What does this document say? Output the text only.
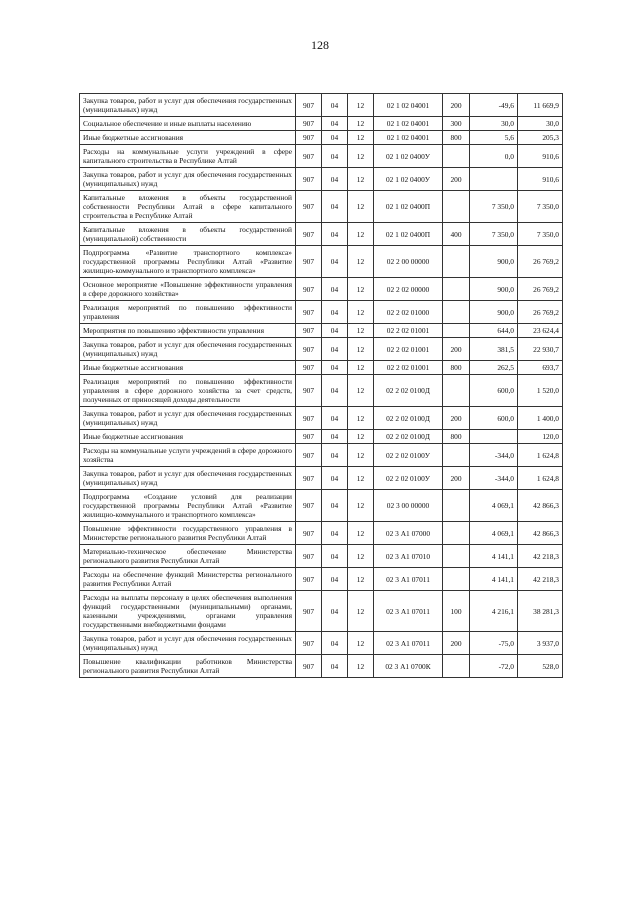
128
Закупка товаров, работ и услуг для обеспечения государственных (муниципальных) нужд	907	04	12	02 1 02 04001	200	-49,6	11 669,9
Социальное обеспечение и иные выплаты населению	907	04	12	02 1 02 04001	300	30,0	30,0
Иные бюджетные ассигнования	907	04	12	02 1 02 04001	800	5,6	205,3
Расходы на коммунальные услуги учреждений в сфере капитального строительства в Республике Алтай	907	04	12	02 1 02 0400У		0,0	910,6
Закупка товаров, работ и услуг для обеспечения государственных (муниципальных) нужд	907	04	12	02 1 02 0400У	200		910,6
Капитальные вложения в объекты государственной собственности Республики Алтай в сфере капитального строительства в Республике Алтай	907	04	12	02 1 02 0400П		7 350,0	7 350,0
Капитальные вложения в объекты государственной (муниципальной) собственности	907	04	12	02 1 02 0400П	400	7 350,0	7 350,0
Подпрограмма «Развитие транспортного комплекса» государственной программы Республики Алтай «Развитие жилищно-коммунального и транспортного комплекса»	907	04	12	02 2 00 00000		900,0	26 769,2
Основное мероприятие «Повышение эффективности управления в сфере дорожного хозяйства»	907	04	12	02 2 02 00000		900,0	26 769,2
Реализация мероприятий по повышению эффективности управления	907	04	12	02 2 02 01000		900,0	26 769,2
Мероприятия по повышению эффективности управления	907	04	12	02 2 02 01001		644,0	23 624,4
Закупка товаров, работ и услуг для обеспечения государственных (муниципальных) нужд	907	04	12	02 2 02 01001	200	381,5	22 930,7
Иные бюджетные ассигнования	907	04	12	02 2 02 01001	800	262,5	693,7
Реализация мероприятий по повышению эффективности управления в сфере дорожного хозяйства за счет средств, полученных от приносящей доходы деятельности	907	04	12	02 2 02 0100Д		600,0	1 520,0
Закупка товаров, работ и услуг для обеспечения государственных (муниципальных) нужд	907	04	12	02 2 02 0100Д	200	600,0	1 400,0
Иные бюджетные ассигнования	907	04	12	02 2 02 0100Д	800		120,0
Расходы на коммунальные услуги учреждений в сфере дорожного хозяйства	907	04	12	02 2 02 0100У		-344,0	1 624,8
Закупка товаров, работ и услуг для обеспечения государственных (муниципальных) нужд	907	04	12	02 2 02 0100У	200	-344,0	1 624,8
Подпрограмма «Создание условий для реализации государственной программы Республики Алтай «Развитие жилищно-коммунального и транспортного комплекса»	907	04	12	02 3 00 00000		4 069,1	42 866,3
Повышение эффективности государственного управления в Министерстве регионального развития Республики Алтай	907	04	12	02 3 А1 07000		4 069,1	42 866,3
Материально-техническое обеспечение Министерства регионального развития Республики Алтай	907	04	12	02 3 А1 07010		4 141,1	42 218,3
Расходы на обеспечение функций Министерства регионального развития Республики Алтай	907	04	12	02 3 А1 07011		4 141,1	42 218,3
Расходы на выплаты персоналу в целях обеспечения выполнения функций государственными (муниципальными) органами, казенными учреждениями, органами управления государственными внебюджетными фондами	907	04	12	02 3 А1 07011	100	4 216,1	38 281,3
Закупка товаров, работ и услуг для обеспечения государственных (муниципальных) нужд	907	04	12	02 3 А1 07011	200	-75,0	3 937,0
Повышение квалификации работников Министерства регионального развития Республики Алтай	907	04	12	02 3 А1 0700К		-72,0	528,0
